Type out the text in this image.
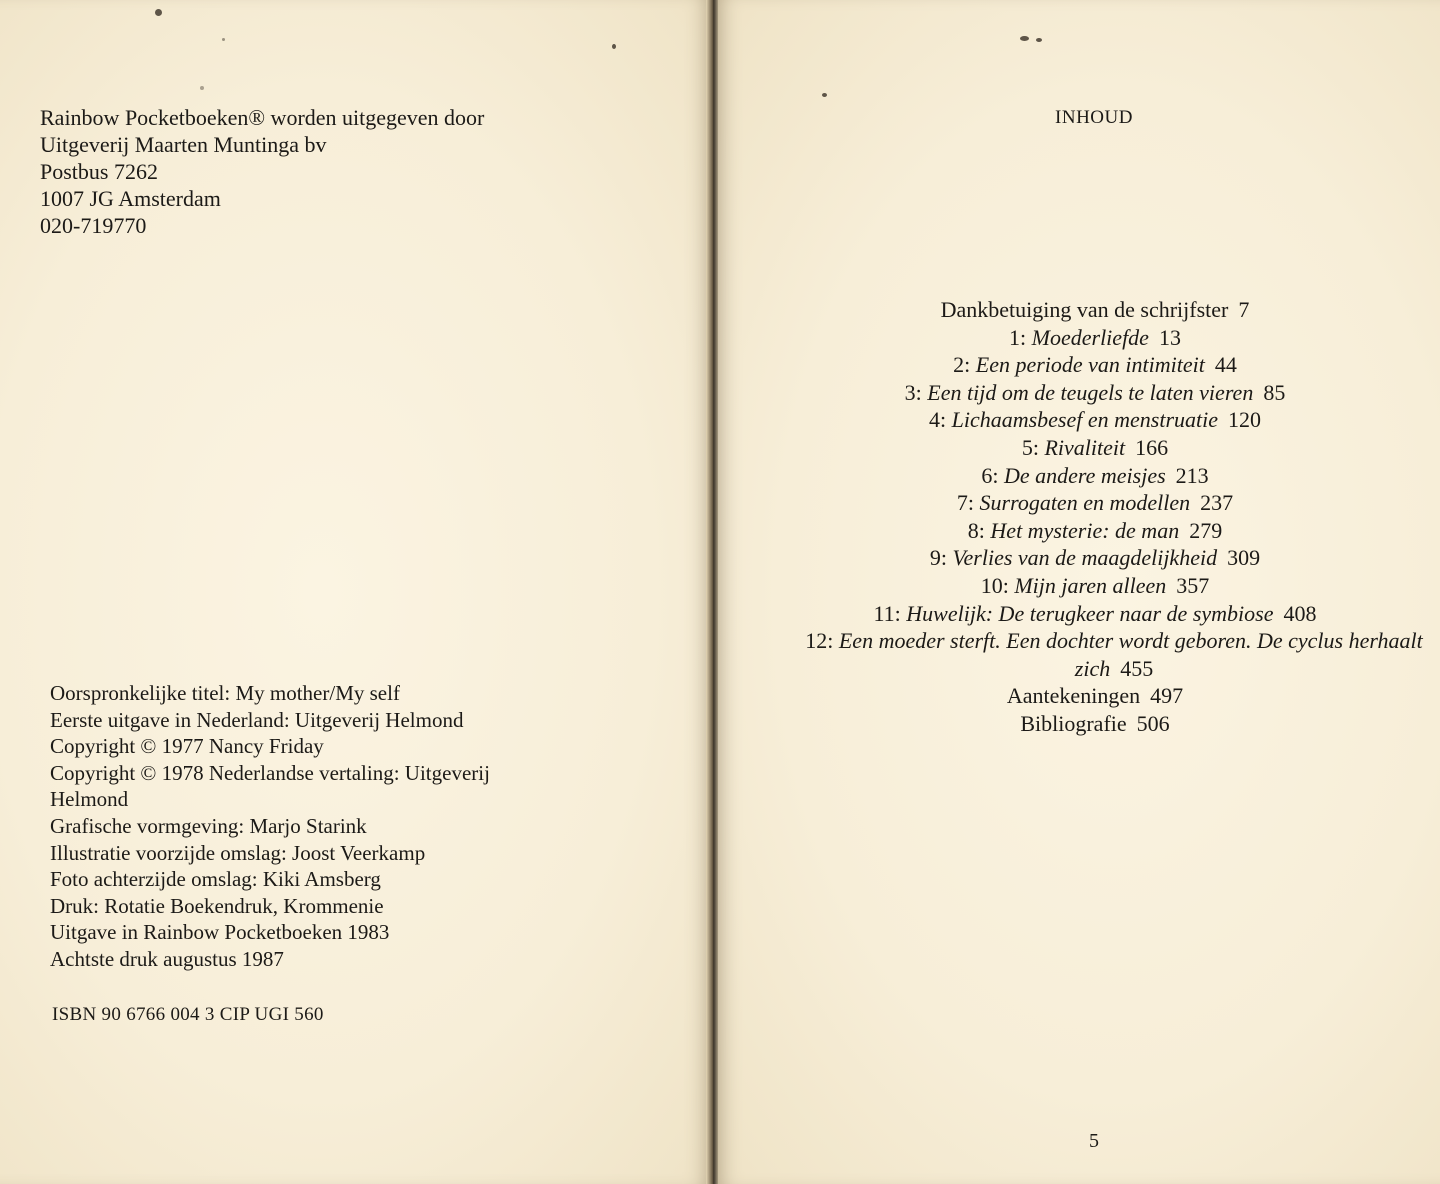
Rainbow Pocketboeken® worden uitgegeven door
Uitgeverij Maarten Muntinga bv
Postbus 7262
1007 JG Amsterdam
020-719770
Oorspronkelijke titel: My mother/My self
Eerste uitgave in Nederland: Uitgeverij Helmond
Copyright © 1977 Nancy Friday
Copyright © 1978 Nederlandse vertaling: Uitgeverij
Helmond
Grafische vormgeving: Marjo Starink
Illustratie voorzijde omslag: Joost Veerkamp
Foto achterzijde omslag: Kiki Amsberg
Druk: Rotatie Boekendruk, Krommenie
Uitgave in Rainbow Pocketboeken 1983
Achtste druk augustus 1987
ISBN 90 6766 004 3 CIP UGI 560
INHOUD
Dankbetuiging van de schrijfster 7
1: Moederliefde 13
2: Een periode van intimiteit 44
3: Een tijd om de teugels te laten vieren 85
4: Lichaamsbesef en menstruatie 120
5: Rivaliteit 166
6: De andere meisjes 213
7: Surrogaten en modellen 237
8: Het mysterie: de man 279
9: Verlies van de maagdelijkheid 309
10: Mijn jaren alleen 357
11: Huwelijk: De terugkeer naar de symbiose 408
12: Een moeder sterft. Een dochter wordt geboren. De cyclus herhaalt zich 455
Aantekeningen 497
Bibliografie 506
5
